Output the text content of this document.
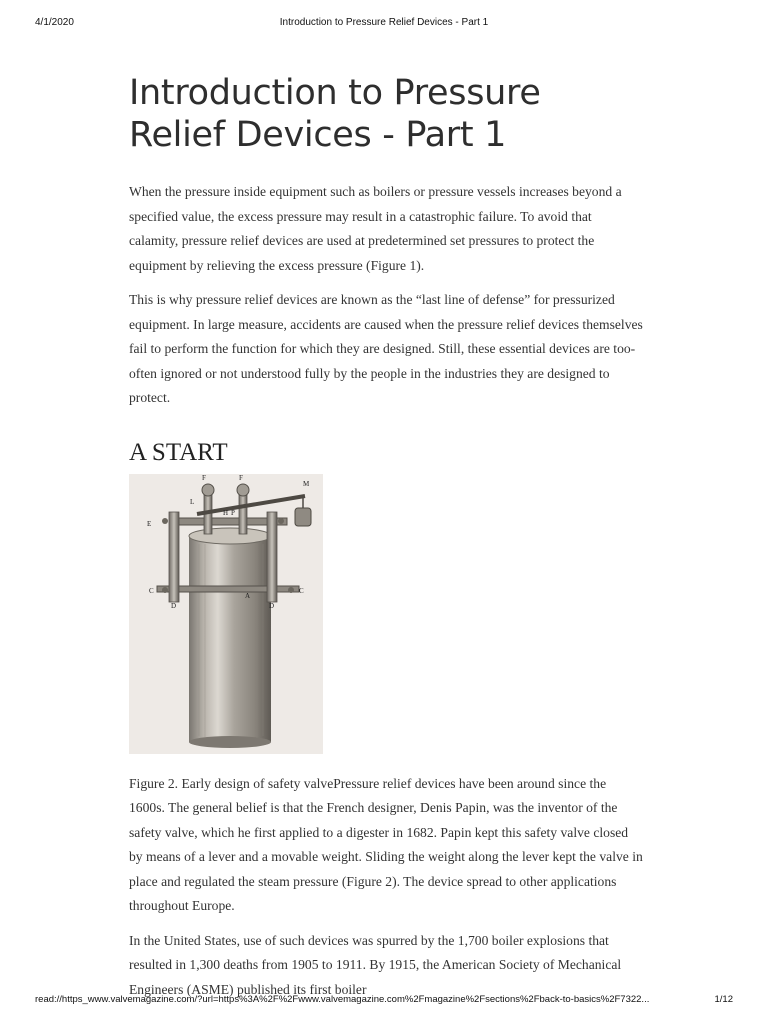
4/1/2020	Introduction to Pressure Relief Devices - Part 1
Introduction to Pressure Relief Devices - Part 1

When the pressure inside equipment such as boilers or pressure vessels increases beyond a specified value, the excess pressure may result in a catastrophic failure. To avoid that calamity, pressure relief devices are used at predetermined set pressures to protect the equipment by relieving the excess pressure (Figure 1).

This is why pressure relief devices are known as the “last line of defense” for pressurized equipment. In large measure, accidents are caused when the pressure relief devices themselves fail to perform the function for which they are designed. Still, these essential devices are too-often ignored or not understood fully by the people in the industries they are designed to protect.

A START
F	F
M
L
H P
E
C	C
D	D
A

Figure 2. Early design of safety valvePressure relief devices have been around since the 1600s. The general belief is that the French designer, Denis Papin, was the inventor of the safety valve, which he first applied to a digester in 1682. Papin kept this safety valve closed by means of a lever and a movable weight. Sliding the weight along the lever kept the valve in place and regulated the steam pressure (Figure 2). The device spread to other applications throughout Europe.

In the United States, use of such devices was spurred by the 1,700 boiler explosions that resulted in 1,300 deaths from 1905 to 1911. By 1915, the American Society of Mechanical Engineers (ASME) published its first boiler

read://https_www.valvemagazine.com/?url=https%3A%2F%2Fwww.valvemagazine.com%2Fmagazine%2Fsections%2Fback-to-basics%2F7322...	1/12
